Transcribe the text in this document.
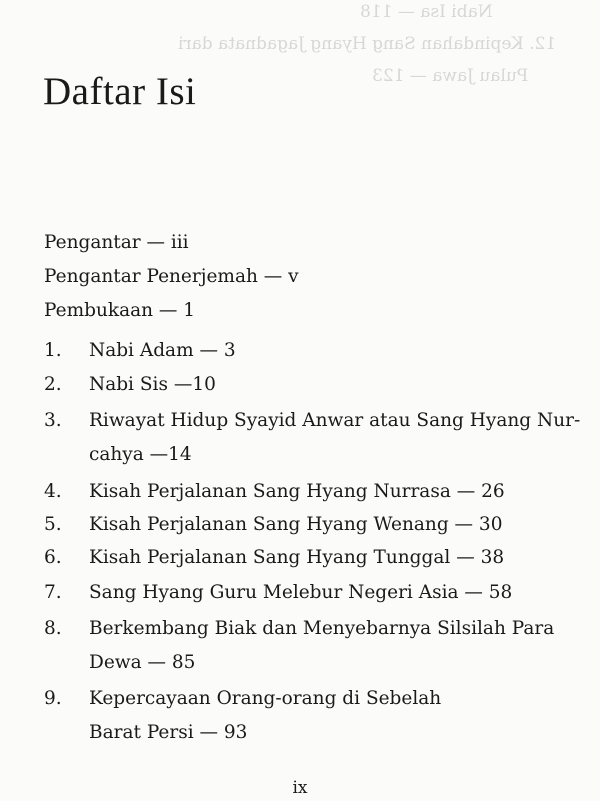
Nabi Isa — 118
12. Kepindahan Sang Hyang Jagadnata dari
Pulau Jawa — 123
Daftar Isi
Pengantar — iii
Pengantar Penerjemah — v
Pembukaan — 1
1. Nabi Adam — 3
2. Nabi Sis —10
3. Riwayat Hidup Syayid Anwar atau Sang Hyang Nur-
cahya —14
4. Kisah Perjalanan Sang Hyang Nurrasa — 26
5. Kisah Perjalanan Sang Hyang Wenang — 30
6. Kisah Perjalanan Sang Hyang Tunggal — 38
7. Sang Hyang Guru Melebur Negeri Asia — 58
8. Berkembang Biak dan Menyebarnya Silsilah Para
Dewa — 85
9. Kepercayaan Orang-orang di Sebelah
Barat Persi — 93
ix
